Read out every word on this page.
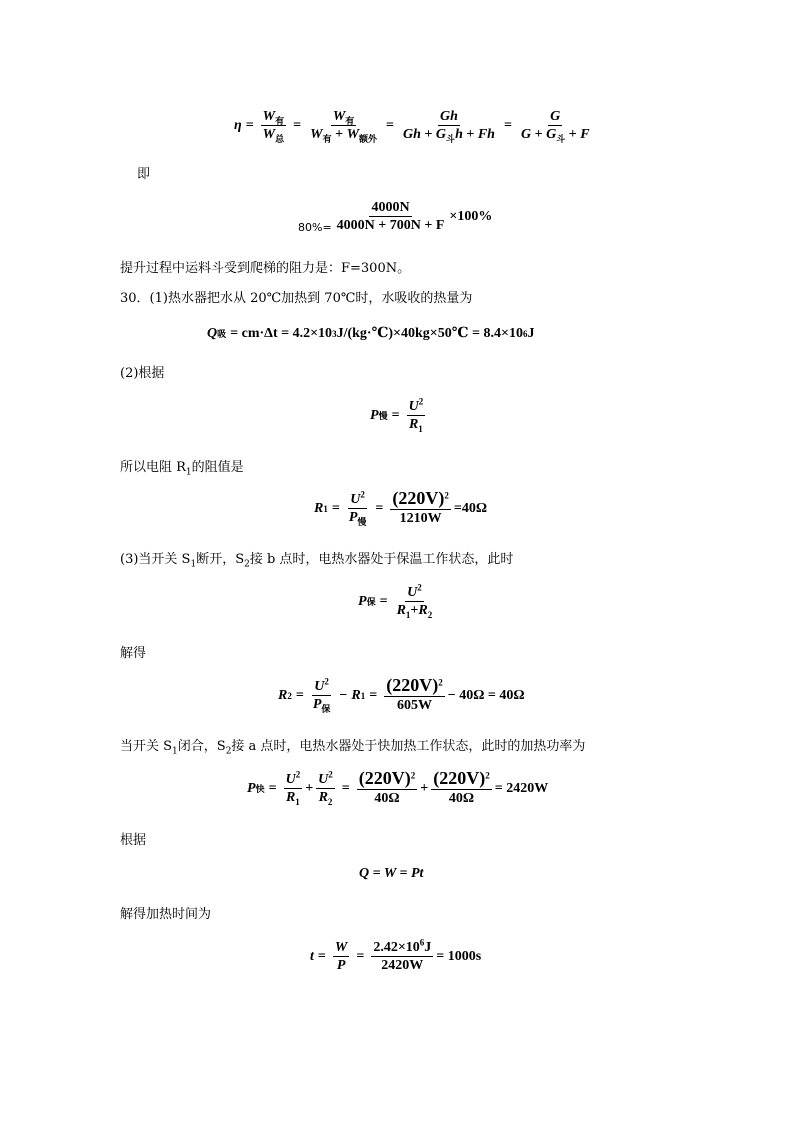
$\eta = \frac{W_有}{W_总} = \frac{W_有}{W_有 + W_{额外}} = \frac{Gh}{Gh + G_斗h + Fh} = \frac{G}{G + G_斗 + F}$
即
$80\%= \frac{4000N}{4000N + 700N + F} \times 100\%$
提升过程中运料斗受到爬梯的阻力是：F=300N。
30．(1)热水器把水从 20℃加热到 70℃时，水吸收的热量为
Q 吸 = cm·Δt = 4.2×10 3 J/(kg·℃)×40kg×50℃ = 8.4×10 6 J
(2)根据
P 慢 = $\frac{U^2}{R_1}$
所以电阻 $R_1$的阻值是
R $1 = \frac{U^2}{P_慢} = \frac{(220V)^2}{1210W} =40\Omega$
(3)当开关 $S_1$断开，$S_2$接 b 点时，电热水器处于保温工作状态，此时
P 保 = $\frac{U^2}{R_1+R_2}$
解得
R $2 = \frac{U^2}{P_保} - R$ $1 = \frac{(220V)^2}{605W} - 40\Omega = 40\Omega$
当开关 $S_1$闭合，$S_2$接 a 点时，电热水器处于快加热工作状态，此时的加热功率为
P 快 = $\frac{U^2}{R_1} + \frac{U^2}{R_2} = \frac{(220V)^2}{40\Omega} + \frac{(220V)^2}{40\Omega} = 2420W$
根据
Q = W = Pt
解得加热时间为
$t = \frac{W}{P} = \frac{2.42\times 10^6J}{2420W} = 1000s$
